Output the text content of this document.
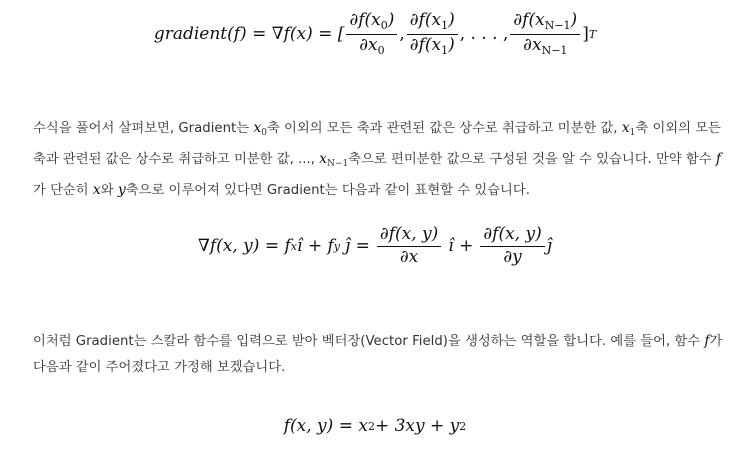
gradient(f) = ∇f(x) = [ $\frac{\partial f(x_0)}{\partial x_0}$ , $\frac{\partial f(x_1)}{\partial f(x_1)}$ , . . . , $\frac{\partial f(x_{N-1})}{\partial x_{N-1}}$ ] T
수식을 풀어서 살펴보면, Gradient는 $x_0$축 이외의 모든 축과 관련된 값은 상수로 취급하고 미분한 값, $x_1$축 이외의 모든 축과 관련된 값은 상수로 취급하고 미분한 값, ..., $x_{N-1}$축으로 편미분한 값으로 구성된 것을 알 수 있습니다. 만약 함수 f가 단순히 x와 y축으로 이루어져 있다면 Gradient는 다음과 같이 표현할 수 있습니다.
∇f(x, y) = f x î + f y ĵ = $\frac{\partial f(x, y)}{\partial x}$ î + $\frac{\partial f(x, y)}{\partial y}$ ĵ
이처럼 Gradient는 스칼라 함수를 입력으로 받아 벡터장(Vector Field)을 생성하는 역할을 합니다. 예를 들어, 함수 f가 다음과 같이 주어졌다고 가정해 보겠습니다.
f(x, y) = x 2 + 3xy + y 2
